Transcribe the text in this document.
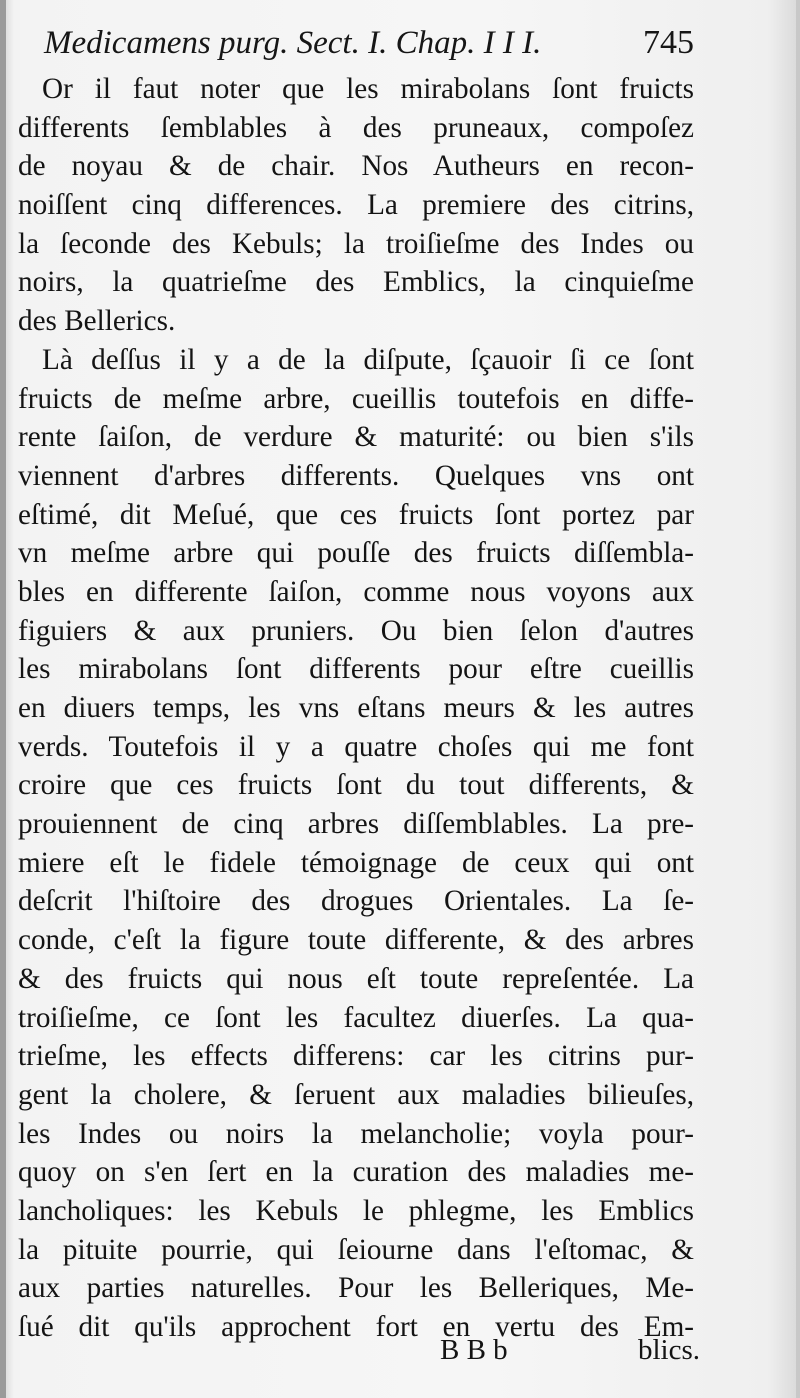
Medicamens purg. Sect. I. Chap. I I I.	745
Or il faut noter que les mirabolans ſont fruicts
differents ſemblables à des pruneaux, compoſez
de noyau & de chair. Nos Autheurs en recon-
noiſſent cinq differences. La premiere des citrins,
la ſeconde des Kebuls; la troiſieſme des Indes ou
noirs, la quatrieſme des Emblics, la cinquieſme
des Bellerics.
Là deſſus il y a de la diſpute, ſçauoir ſi ce ſont
fruicts de meſme arbre, cueillis toutefois en diffe-
rente ſaiſon, de verdure & maturité: ou bien s'ils
viennent d'arbres differents. Quelques vns ont
eſtimé, dit Meſué, que ces fruicts ſont portez par
vn meſme arbre qui pouſſe des fruicts diſſembla-
bles en differente ſaiſon, comme nous voyons aux
figuiers & aux pruniers. Ou bien ſelon d'autres
les mirabolans ſont differents pour eſtre cueillis
en diuers temps, les vns eſtans meurs & les autres
verds. Toutefois il y a quatre choſes qui me font
croire que ces fruicts ſont du tout differents, &
prouiennent de cinq arbres diſſemblables. La pre-
miere eſt le fidele témoignage de ceux qui ont
deſcrit l'hiſtoire des drogues Orientales. La ſe-
conde, c'eſt la figure toute differente, & des arbres
& des fruicts qui nous eſt toute repreſentée. La
troiſieſme, ce ſont les facultez diuerſes. La qua-
trieſme, les effects differens: car les citrins pur-
gent la cholere, & ſeruent aux maladies bilieuſes,
les Indes ou noirs la melancholie; voyla pour-
quoy on s'en ſert en la curation des maladies me-
lancholiques: les Kebuls le phlegme, les Emblics
la pituite pourrie, qui ſeiourne dans l'eſtomac, &
aux parties naturelles. Pour les Belleriques, Me-
ſué dit qu'ils approchent fort en vertu des Em-
B B b	blics.
